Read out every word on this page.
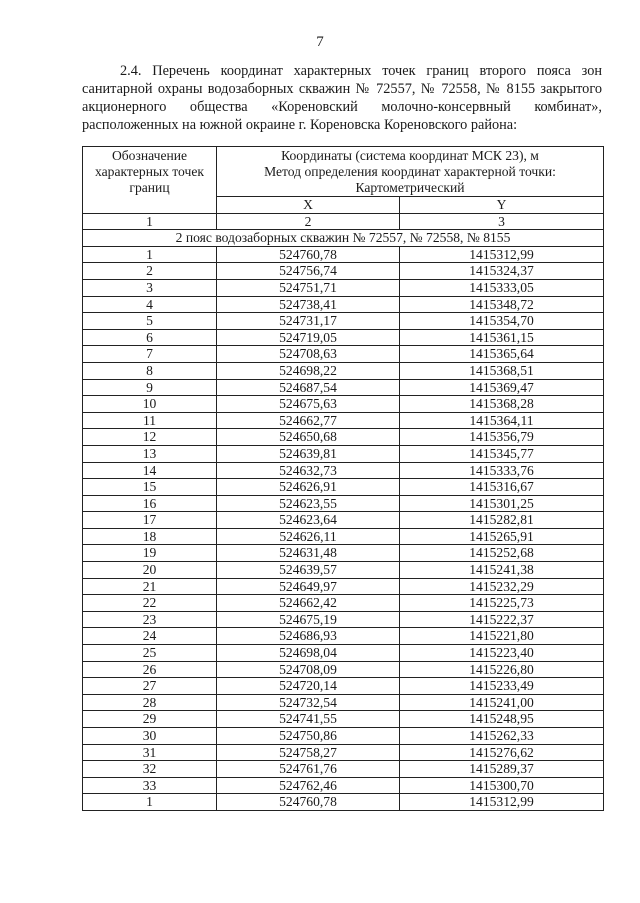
7

2.4. Перечень координат характерных точек границ второго пояса зон санитарной охраны водозаборных скважин № 72557, № 72558, № 8155 закрытого акционерного общества «Кореновский молочно-консервный комбинат», расположенных на южной окраине г. Кореновска Кореновского района:

Обозначение характерных точек границ	Координаты (система координат МСК 23), м
Метод определения координат характерной точки:
Картометрический	

	X	Y
1	2	3
2 пояс водозаборных скважин № 72557, № 72558, № 8155		
1	524760,78	1415312,99
2	524756,74	1415324,37
3	524751,71	1415333,05
4	524738,41	1415348,72
5	524731,17	1415354,70
6	524719,05	1415361,15
7	524708,63	1415365,64
8	524698,22	1415368,51
9	524687,54	1415369,47
10	524675,63	1415368,28
11	524662,77	1415364,11
12	524650,68	1415356,79
13	524639,81	1415345,77
14	524632,73	1415333,76
15	524626,91	1415316,67
16	524623,55	1415301,25
17	524623,64	1415282,81
18	524626,11	1415265,91
19	524631,48	1415252,68
20	524639,57	1415241,38
21	524649,97	1415232,29
22	524662,42	1415225,73
23	524675,19	1415222,37
24	524686,93	1415221,80
25	524698,04	1415223,40
26	524708,09	1415226,80
27	524720,14	1415233,49
28	524732,54	1415241,00
29	524741,55	1415248,95
30	524750,86	1415262,33
31	524758,27	1415276,62
32	524761,76	1415289,37
33	524762,46	1415300,70
1	524760,78	1415312,99
